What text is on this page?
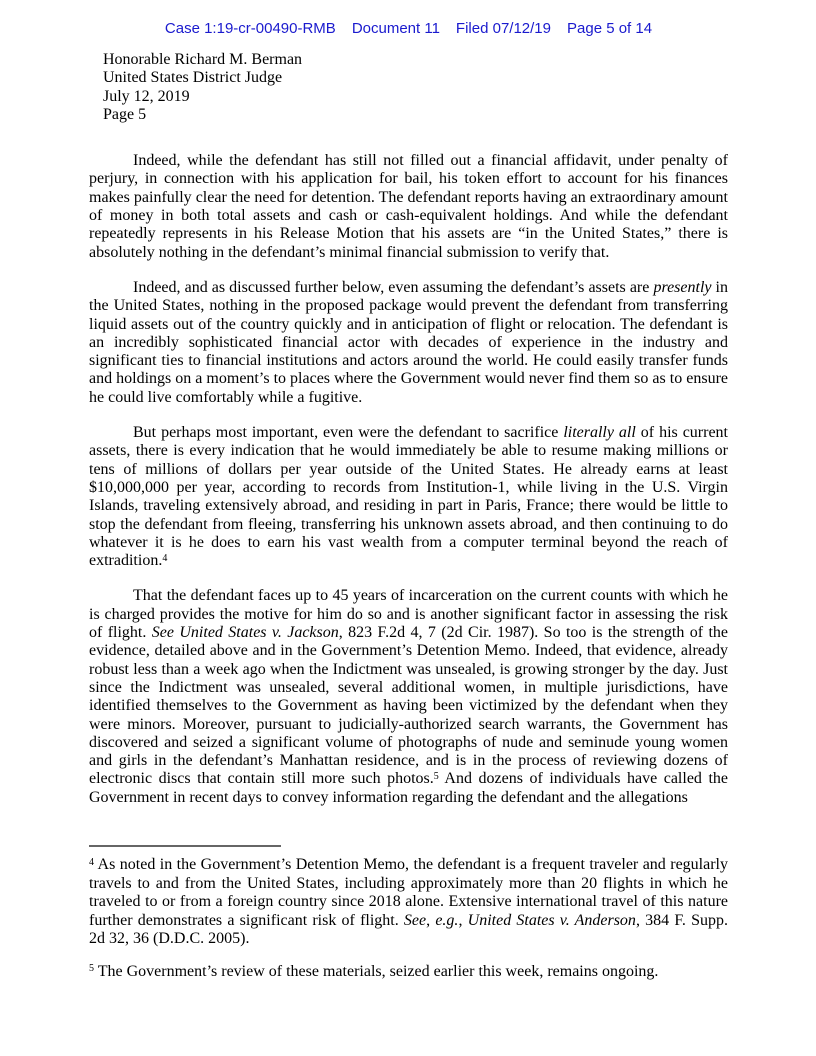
Case 1:19-cr-00490-RMB Document 11 Filed 07/12/19 Page 5 of 14
Honorable Richard M. Berman
United States District Judge
July 12, 2019
Page 5

Indeed, while the defendant has still not filled out a financial affidavit, under penalty of perjury, in connection with his application for bail, his token effort to account for his finances makes painfully clear the need for detention. The defendant reports having an extraordinary amount of money in both total assets and cash or cash-equivalent holdings. And while the defendant repeatedly represents in his Release Motion that his assets are “in the United States,” there is absolutely nothing in the defendant’s minimal financial submission to verify that.

Indeed, and as discussed further below, even assuming the defendant’s assets are presently in the United States, nothing in the proposed package would prevent the defendant from transferring liquid assets out of the country quickly and in anticipation of flight or relocation. The defendant is an incredibly sophisticated financial actor with decades of experience in the industry and significant ties to financial institutions and actors around the world. He could easily transfer funds and holdings on a moment’s to places where the Government would never find them so as to ensure he could live comfortably while a fugitive.

But perhaps most important, even were the defendant to sacrifice literally all of his current assets, there is every indication that he would immediately be able to resume making millions or tens of millions of dollars per year outside of the United States. He already earns at least $10,000,000 per year, according to records from Institution-1, while living in the U.S. Virgin Islands, traveling extensively abroad, and residing in part in Paris, France; there would be little to stop the defendant from fleeing, transferring his unknown assets abroad, and then continuing to do whatever it is he does to earn his vast wealth from a computer terminal beyond the reach of extradition.$^4$

That the defendant faces up to 45 years of incarceration on the current counts with which he is charged provides the motive for him do so and is another significant factor in assessing the risk of flight. See United States v. Jackson, 823 F.2d 4, 7 (2d Cir. 1987). So too is the strength of the evidence, detailed above and in the Government’s Detention Memo. Indeed, that evidence, already robust less than a week ago when the Indictment was unsealed, is growing stronger by the day. Just since the Indictment was unsealed, several additional women, in multiple jurisdictions, have identified themselves to the Government as having been victimized by the defendant when they were minors. Moreover, pursuant to judicially-authorized search warrants, the Government has discovered and seized a significant volume of photographs of nude and seminude young women and girls in the defendant’s Manhattan residence, and is in the process of reviewing dozens of electronic discs that contain still more such photos.$^5$ And dozens of individuals have called the Government in recent days to convey information regarding the defendant and the allegations

$^4$ As noted in the Government’s Detention Memo, the defendant is a frequent traveler and regularly travels to and from the United States, including approximately more than 20 flights in which he traveled to or from a foreign country since 2018 alone. Extensive international travel of this nature further demonstrates a significant risk of flight. See, e.g., United States v. Anderson, 384 F. Supp. 2d 32, 36 (D.D.C. 2005).

$^5$ The Government’s review of these materials, seized earlier this week, remains ongoing.
